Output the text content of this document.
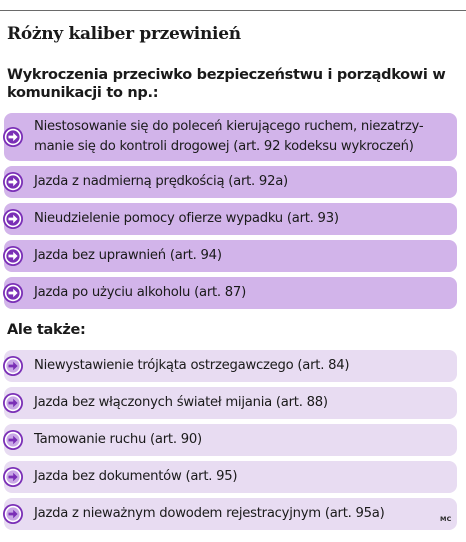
Różny kaliber przewinień
Wykroczenia przeciwko bezpieczeństwu i porządkowi w komunikacji to np.:
Niestosowanie się do poleceń kierującego ruchem, niezatrzy-manie się do kontroli drogowej (art. 92 kodeksu wykroczeń)
Jazda z nadmierną prędkością (art. 92a)
Nieudzielenie pomocy ofierze wypadku (art. 93)
Jazda bez uprawnień (art. 94)
Jazda po użyciu alkoholu (art. 87)
Ale także:
Niewystawienie trójkąta ostrzegawczego (art. 84)
Jazda bez włączonych świateł mijania (art. 88)
Tamowanie ruchu (art. 90)
Jazda bez dokumentów (art. 95)
Jazda z nieważnym dowodem rejestracyjnym (art. 95a)	MC
